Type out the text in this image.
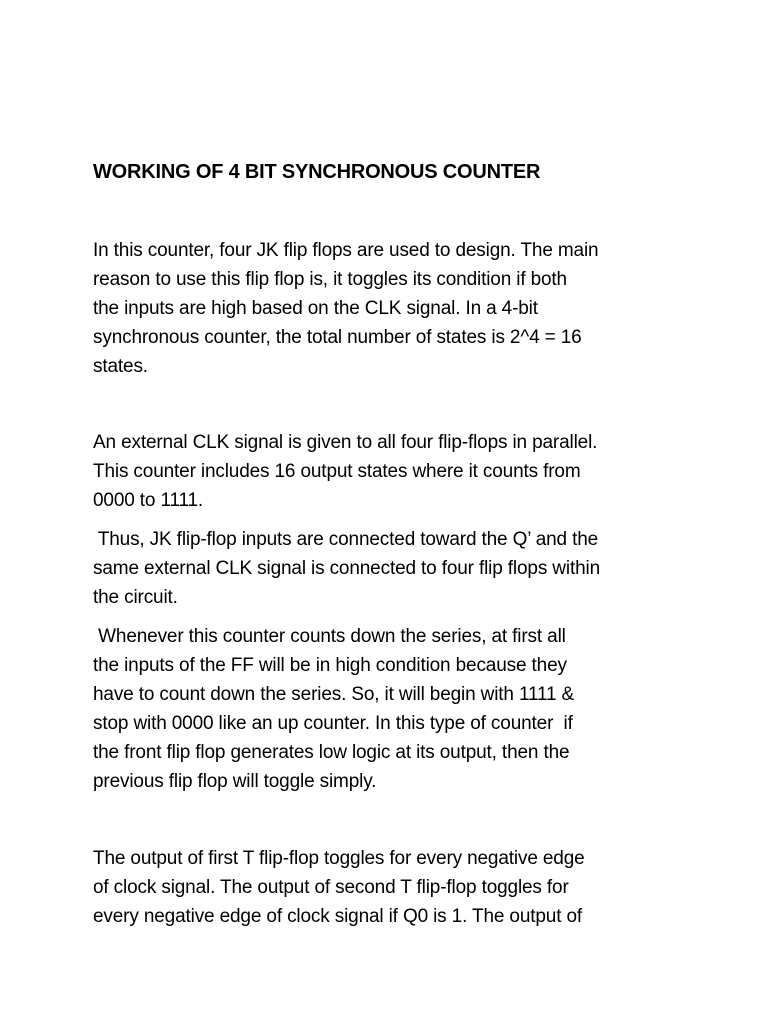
WORKING OF 4 BIT SYNCHRONOUS COUNTER
In this counter, four JK flip flops are used to design. The main
reason to use this flip flop is, it toggles its condition if both
the inputs are high based on the CLK signal. In a 4-bit
synchronous counter, the total number of states is 2^4 = 16
states.
An external CLK signal is given to all four flip-flops in parallel.
This counter includes 16 output states where it counts from
0000 to 1111.
Thus, JK flip-flop inputs are connected toward the Q’ and the
same external CLK signal is connected to four flip flops within
the circuit.
Whenever this counter counts down the series, at first all
the inputs of the FF will be in high condition because they
have to count down the series. So, it will begin with 1111 &
stop with 0000 like an up counter. In this type of counter  if
the front flip flop generates low logic at its output, then the
previous flip flop will toggle simply.
The output of first T flip-flop toggles for every negative edge
of clock signal. The output of second T flip-flop toggles for
every negative edge of clock signal if Q0 is 1. The output of
